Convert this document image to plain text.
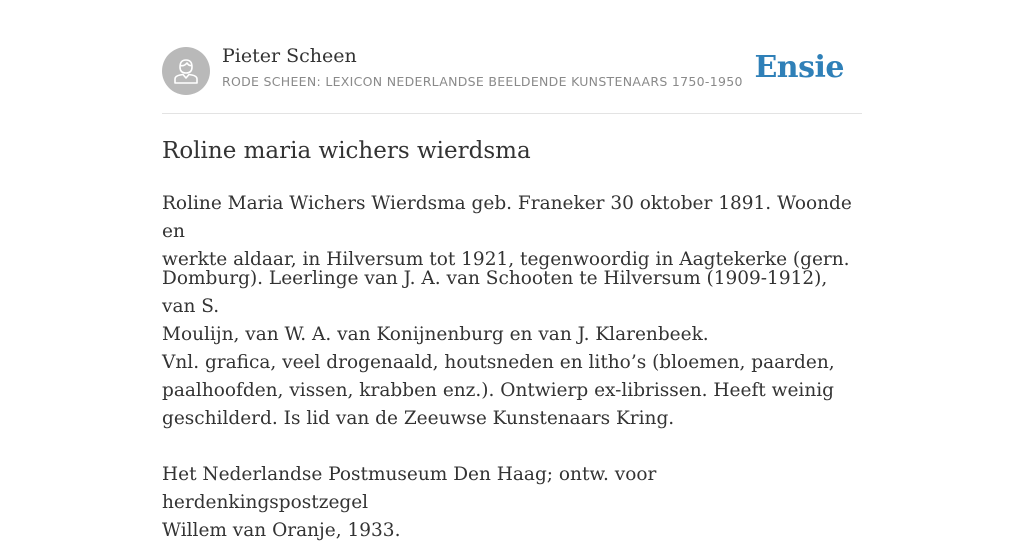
Pieter Scheen
RODE SCHEEN: LEXICON NEDERLANDSE BEELDENDE KUNSTENAARS 1750-1950 Ensie
Roline maria wichers wierdsma

Roline Maria Wichers Wierdsma geb. Franeker 30 oktober 1891. Woonde en
werkte aldaar, in Hilversum tot 1921, tegenwoordig in Aagtekerke (gern.

Domburg). Leerlinge van J. A. van Schooten te Hilversum (1909-1912), van S.
Moulijn, van W. A. van Konijnenburg en van J. Klarenbeek.

Vnl. grafica, veel drogenaald, houtsneden en litho’s (bloemen, paarden,
paalhoofden, vissen, krabben enz.). Ontwierp ex-librissen. Heeft weinig
geschilderd. Is lid van de Zeeuwse Kunstenaars Kring.

Het Nederlandse Postmuseum Den Haag; ontw. voor herdenkingspostzegel
Willem van Oranje, 1933.
